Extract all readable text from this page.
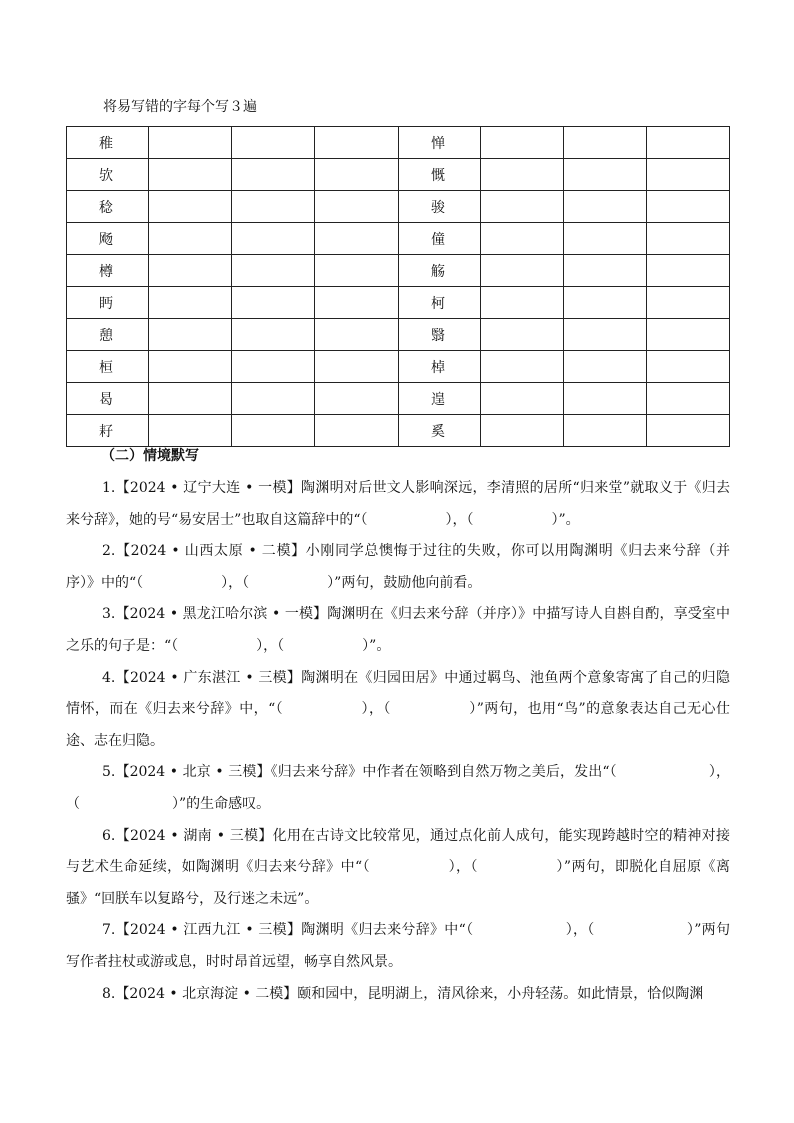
将易写错的字每个写３遍
稚				惮			
欤				慨			
稔				骏			
飏				僮			
樽				觞			
眄				柯			
憩				翳			
桓				棹			
曷				遑			
耔				奚			
（二）情境默写

1.【2024 • 辽宁大连 • 一模】陶渊明对后世文人影响深远，李清照的居所“归来堂”就取义于《归去来兮辞》，她的号“易安居士”也取自这篇辞中的“（	），（	）”。

2.【2024 • 山西太原 • 二模】小刚同学总懊悔于过往的失败，你可以用陶渊明《归去来兮辞（并序）》中的“（	），（	）”两句，鼓励他向前看。

3.【2024 • 黑龙江哈尔滨 • 一模】陶渊明在《归去来兮辞（并序）》中描写诗人自斟自酌，享受室中之乐的句子是：“（	），（	）”。

4.【2024 • 广东湛江 • 三模】陶渊明在《归园田居》中通过羁鸟、池鱼两个意象寄寓了自己的归隐情怀，而在《归去来兮辞》中，“（	），（	）”两句，也用“鸟”的意象表达自己无心仕途、志在归隐。

5.【2024 • 北京 • 三模】《归去来兮辞》中作者在领略到自然万物之美后，发出“（	），（	）”的生命感叹。

6.【2024 • 湖南 • 三模】化用在古诗文比较常见，通过点化前人成句，能实现跨越时空的精神对接与艺术生命延续，如陶渊明《归去来兮辞》中“（	），（	）”两句，即脱化自屈原《离骚》“回朕车以复路兮，及行迷之未远”。

7.【2024 • 江西九江 • 三模】陶渊明《归去来兮辞》中“（	），（	）”两句写作者拄杖或游或息，时时昂首远望，畅享自然风景。

8.【2024 • 北京海淀 • 二模】颐和园中，昆明湖上，清风徐来，小舟轻荡。如此情景，恰似陶渊
